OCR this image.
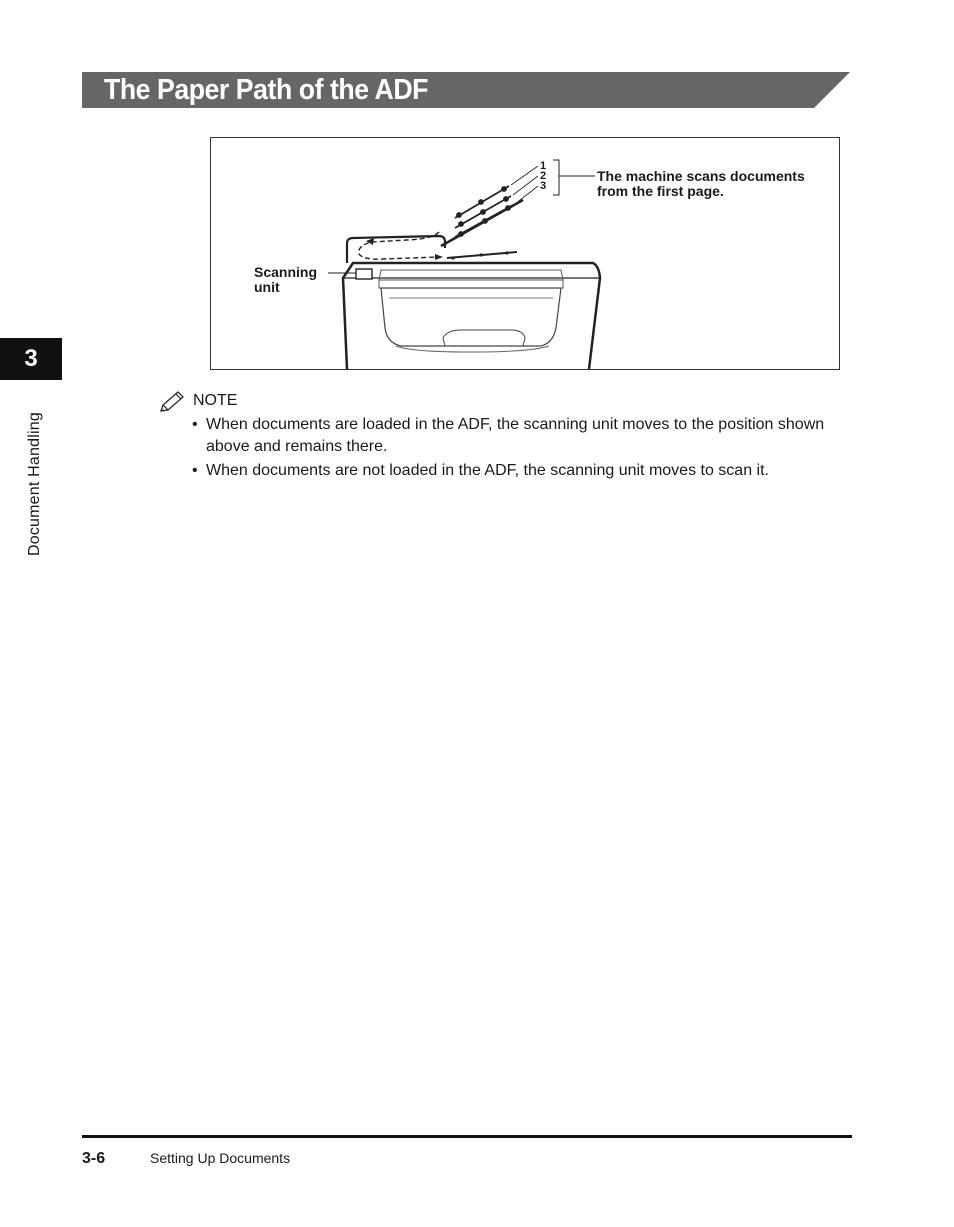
The Paper Path of the ADF
1
2
3
The machine scans documents
from the first page.
Scanning
unit
3
Document Handling
NOTE
• When documents are loaded in the ADF, the scanning unit moves to the position shown above and remains there.
• When documents are not loaded in the ADF, the scanning unit moves to scan it.
3-6	Setting Up Documents
